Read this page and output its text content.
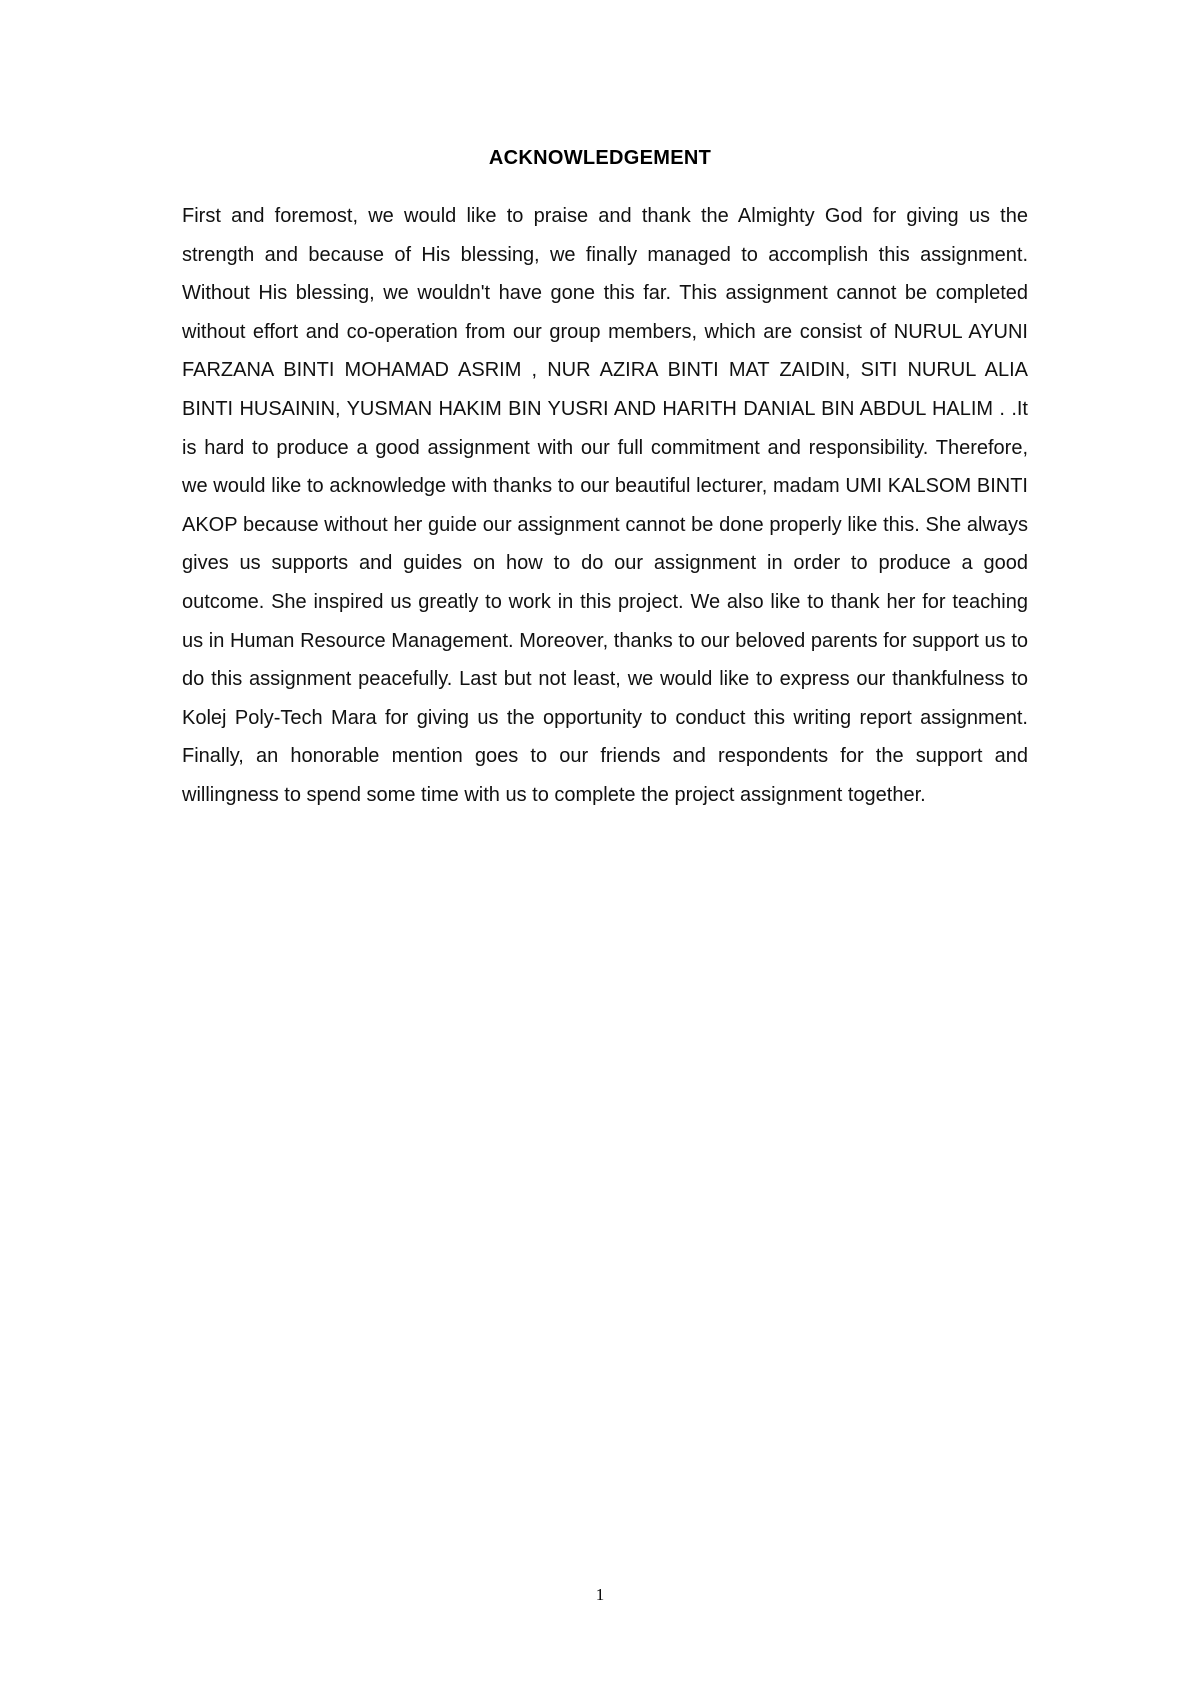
ACKNOWLEDGEMENT

First and foremost, we would like to praise and thank the Almighty God for giving us the strength and because of His blessing, we finally managed to accomplish this assignment. Without His blessing, we wouldn't have gone this far. This assignment cannot be completed without effort and co-operation from our group members, which are consist of NURUL AYUNI FARZANA BINTI MOHAMAD ASRIM , NUR AZIRA BINTI MAT ZAIDIN, SITI NURUL ALIA BINTI HUSAININ, YUSMAN HAKIM BIN YUSRI AND HARITH DANIAL BIN ABDUL HALIM . .It is hard to produce a good assignment with our full commitment and responsibility. Therefore, we would like to acknowledge with thanks to our beautiful lecturer, madam UMI KALSOM BINTI AKOP because without her guide our assignment cannot be done properly like this. She always gives us supports and guides on how to do our assignment in order to produce a good outcome. She inspired us greatly to work in this project. We also like to thank her for teaching us in Human Resource Management. Moreover, thanks to our beloved parents for support us to do this assignment peacefully. Last but not least, we would like to express our thankfulness to Kolej Poly-Tech Mara for giving us the opportunity to conduct this writing report assignment. Finally, an honorable mention goes to our friends and respondents for the support and willingness to spend some time with us to complete the project assignment together.

1
